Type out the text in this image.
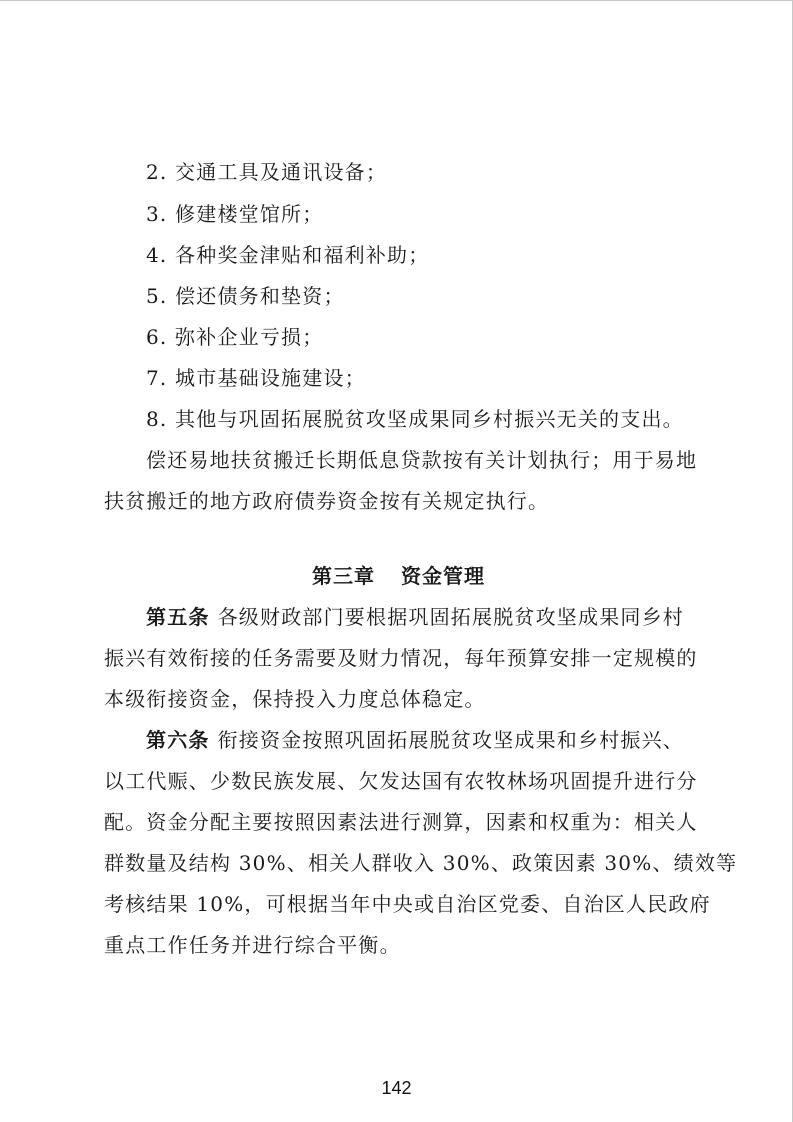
2. 交通工具及通讯设备；
3. 修建楼堂馆所；
4. 各种奖金津贴和福利补助；
5. 偿还债务和垫资；
6. 弥补企业亏损；
7. 城市基础设施建设；
8. 其他与巩固拓展脱贫攻坚成果同乡村振兴无关的支出。
偿还易地扶贫搬迁长期低息贷款按有关计划执行；用于易地
扶贫搬迁的地方政府债券资金按有关规定执行。
第三章 资金管理
第五条 各级财政部门要根据巩固拓展脱贫攻坚成果同乡村
振兴有效衔接的任务需要及财力情况，每年预算安排一定规模的
本级衔接资金，保持投入力度总体稳定。
第六条 衔接资金按照巩固拓展脱贫攻坚成果和乡村振兴、
以工代赈、少数民族发展、欠发达国有农牧林场巩固提升进行分
配。资金分配主要按照因素法进行测算，因素和权重为：相关人
群数量及结构 30%、相关人群收入 30%、政策因素 30%、绩效等
考核结果 10%，可根据当年中央或自治区党委、自治区人民政府
重点工作任务并进行综合平衡。
142
